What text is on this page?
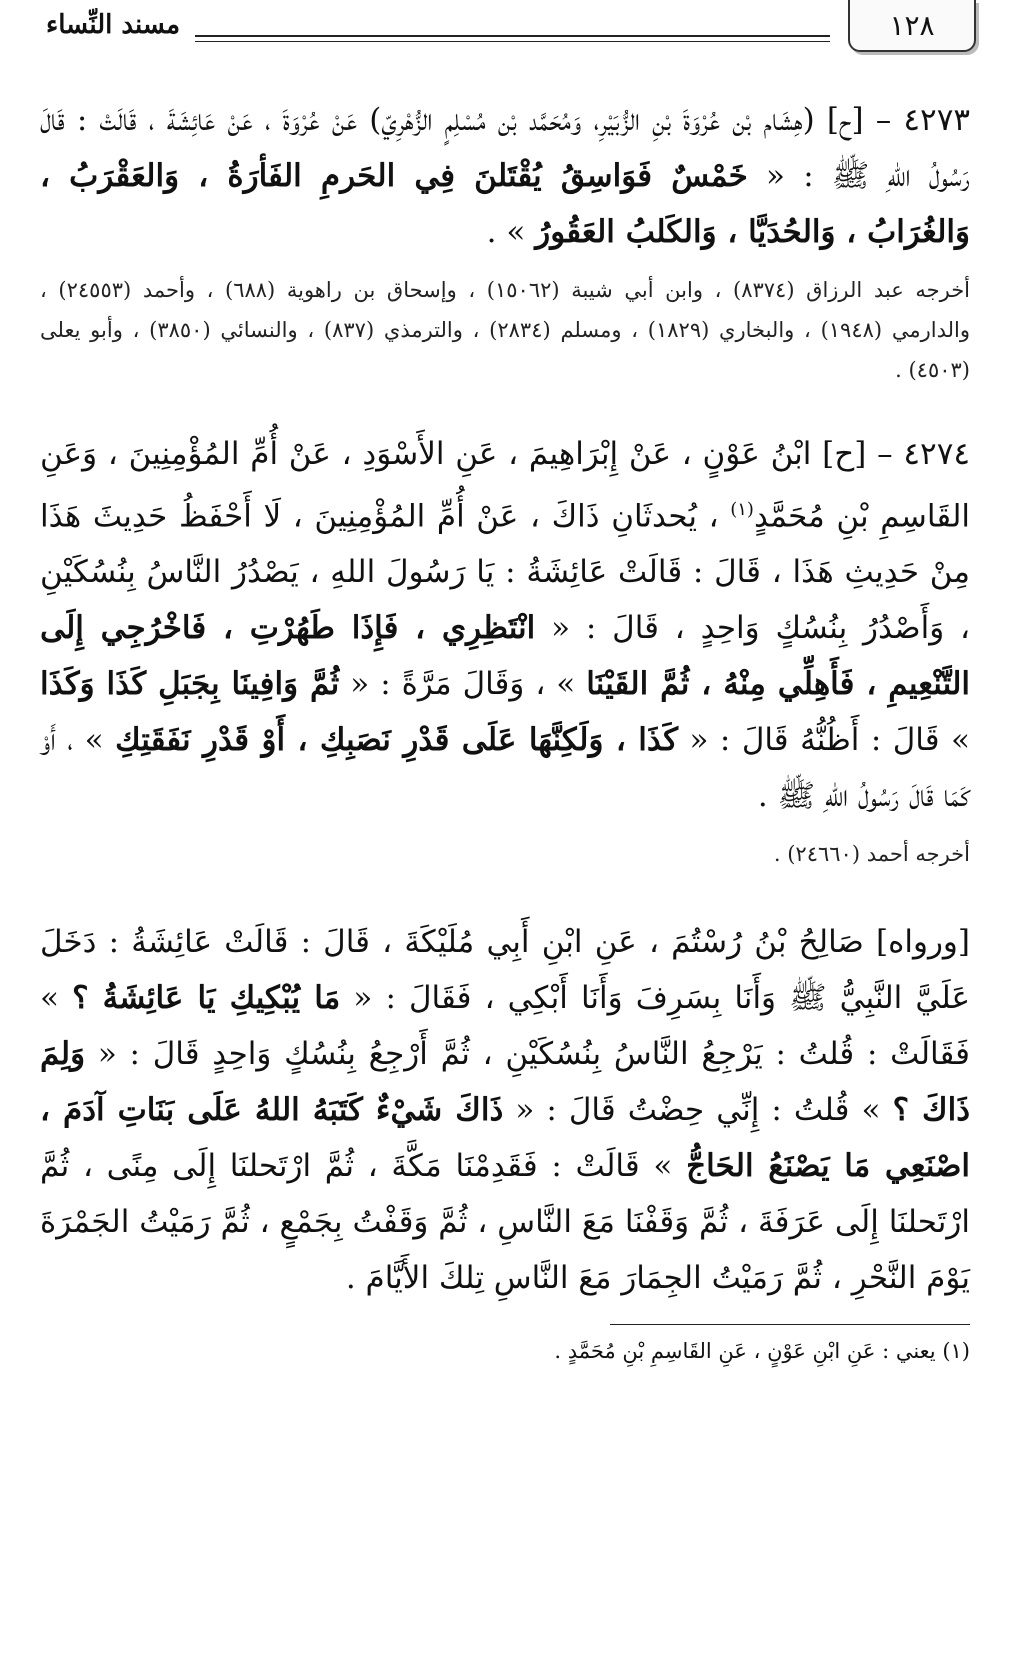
١٢٨
مسند النِّساء

٤٢٧٣ – [ح] (هِشَام بْن عُرْوَةَ بْنِ الزُّبَيْرِ، وَمُحَمَّد بْن مُسْلِمٍ الزُّهْرِيّ) عَنْ عُرْوَةَ ، عَنْ عَائِشَةَ ، قَالَتْ : قَالَ رَسُولُ اللهِ ﷺ : « خَمْسٌ فَوَاسِقُ يُقْتَلنَ فِي الحَرمِ الفَأرَةُ ، وَالعَقْرَبُ ، وَالغُرَابُ ، وَالحُدَيَّا ، وَالكَلبُ العَقُورُ » .

أخرجه عبد الرزاق (٨٣٧٤) ، وابن أبي شيبة (١٥٠٦٢) ، وإسحاق بن راهوية (٦٨٨) ، وأحمد (٢٤٥٥٣) ، والدارمي (١٩٤٨) ، والبخاري (١٨٢٩) ، ومسلم (٢٨٣٤) ، والترمذي (٨٣٧) ، والنسائي (٣٨٥٠) ، وأبو يعلى (٤٥٠٣) .

٤٢٧٤ – [ح] ابْنُ عَوْنٍ ، عَنْ إِبْرَاهِيمَ ، عَنِ الأَسْوَدِ ، عَنْ أُمِّ المُؤْمِنِينَ ، وَعَنِ القَاسِمِ بْنِ مُحَمَّدٍ$^{(١)}$ ، يُحدثَانِ ذَاكَ ، عَنْ أُمِّ المُؤْمِنِينَ ، لَا أَحْفَظُ حَدِيثَ هَذَا مِنْ حَدِيثِ هَذَا ، قَالَ : قَالَتْ عَائِشَةُ : يَا رَسُولَ اللهِ ، يَصْدُرُ النَّاسُ بِنُسُكَيْنِ ، وَأَصْدُرُ بِنُسُكٍ وَاحِدٍ ، قَالَ : « انْتَظِرِي ، فَإِذَا طَهُرْتِ ، فَاخْرُجِي إِلَى التَّنْعِيمِ ، فَأَهِلِّي مِنْهُ ، ثُمَّ القَيْنَا » ، وَقَالَ مَرَّةً : « ثُمَّ وَافِينَا بِجَبَلِ كَذَا وَكَذَا » قَالَ : أَظُنُّهُ قَالَ : « كَذَا ، وَلَكِنَّهَا عَلَى قَدْرِ نَصَبِكِ ، أَوْ قَدْرِ نَفَقَتِكِ » ، أَوْ كَمَا قَالَ رَسُولُ اللهِ ﷺ .

أخرجه أحمد (٢٤٦٦٠) .

[ورواه] صَالِحُ بْنُ رُسْتُمَ ، عَنِ ابْنِ أَبِي مُلَيْكَةَ ، قَالَ : قَالَتْ عَائِشَةُ : دَخَلَ عَلَيَّ النَّبِيُّ ﷺ وَأَنَا بِسَرِفَ وَأَنَا أَبْكِي ، فَقَالَ : « مَا يُبْكِيكِ يَا عَائِشَةُ ؟ » فَقَالَتْ : قُلتُ : يَرْجِعُ النَّاسُ بِنُسُكَيْنِ ، ثُمَّ أَرْجِعُ بِنُسُكٍ وَاحِدٍ قَالَ : « وَلِمَ ذَاكَ ؟ » قُلتُ : إِنِّي حِضْتُ قَالَ : « ذَاكَ شَيْءٌ كَتَبَهُ اللهُ عَلَى بَنَاتِ آدَمَ ، اصْنَعِي مَا يَصْنَعُ الحَاجُّ » قَالَتْ : فَقَدِمْنَا مَكَّةَ ، ثُمَّ ارْتَحلنَا إِلَى مِنًى ، ثُمَّ ارْتَحلنَا إِلَى عَرَفَةَ ، ثُمَّ وَقَفْنَا مَعَ النَّاسِ ، ثُمَّ وَقَفْتُ بِجَمْعٍ ، ثُمَّ رَمَيْتُ الجَمْرَةَ يَوْمَ النَّحْرِ ، ثُمَّ رَمَيْتُ الجِمَارَ مَعَ النَّاسِ تِلكَ الأَيَّامَ .

(١) يعني : عَنِ ابْنِ عَوْنٍ ، عَنِ القَاسِمِ بْنِ مُحَمَّدٍ .
